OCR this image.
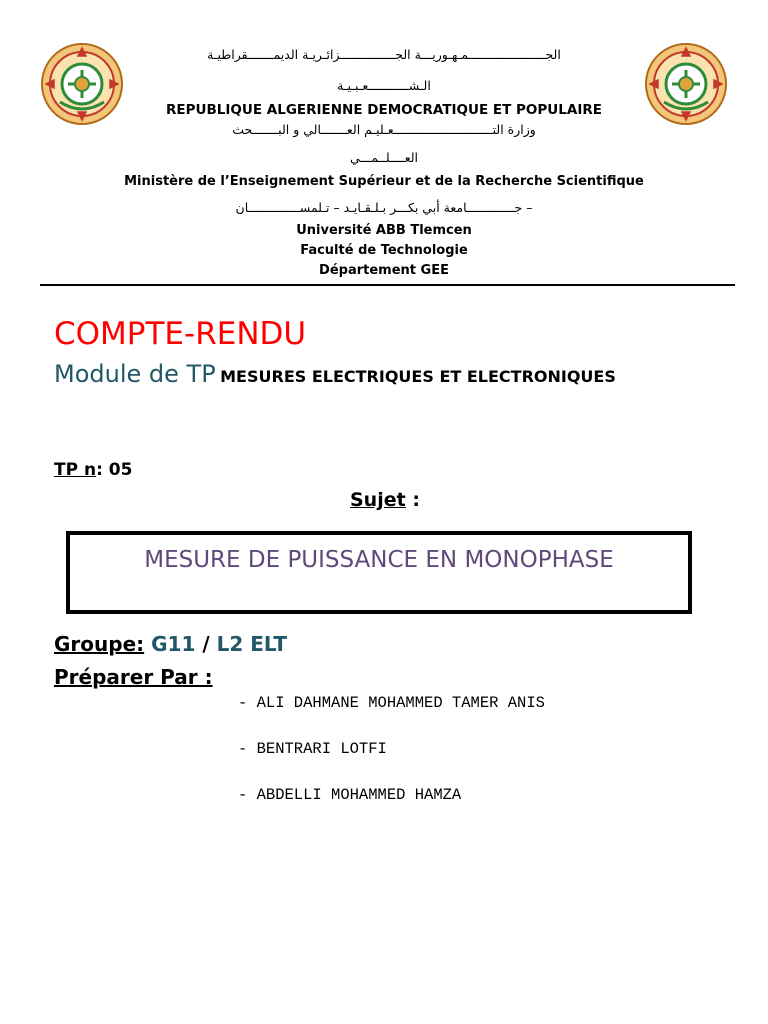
الجـــــــــــــــــــــمـهـوريـــة الجـــــــــــــــزائـريـة الديمـــــــقراطيـة
الـشـــــــــــعـبـيـة
REPUBLIQUE ALGERIENNE DEMOCRATIQUE ET POPULAIRE
وزارة التـــــــــــــــــــــــــــعـليـم العـــــــالي و البـــــــحث
العــــلــمـــي
Ministère de l’Enseignement Supérieur et de la Recherche Scientifique
– جـــــــــــــامعة أبي بكـــر بـلـقـايـد – تـلمســــــــــــــان
Université ABB Tlemcen
Faculté de Technologie
Département GEE
COMPTE-RENDU
Module de TP MESURES ELECTRIQUES ET ELECTRONIQUES
TP n: 05
Sujet :
MESURE DE PUISSANCE EN MONOPHASE
Groupe: G11 / L2 ELT
Préparer Par :
- ALI DAHMANE MOHAMMED TAMER ANIS
- BENTRARI LOTFI
- ABDELLI MOHAMMED HAMZA
